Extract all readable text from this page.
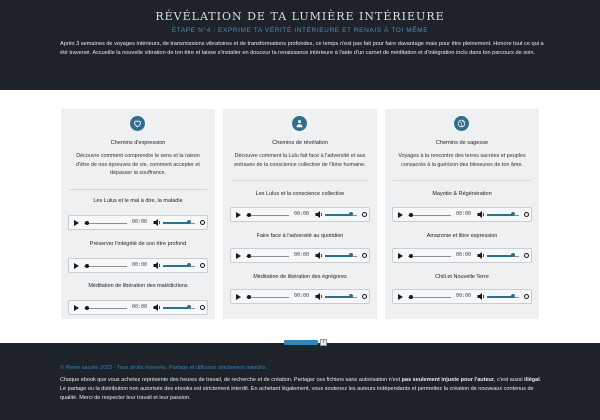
RÉVÉLATION DE TA LUMIÈRE INTÉRIEURE
ÉTAPE N°4 : EXPRIME TA VÉRITÉ INTÉRIEURE ET RENAIS À TOI MÊME
Après 3 semaines de voyages intérieurs, de transmissions vibratoires et de transformations profondes, ce temps n'est pas fait pour faire davantage mais pour être pleinement. Honore tout ce qui a été traversé. Accueille la nouvelle vibration de ton être et laisse s'installer en douceur ta renaissance intérieure à l'aide d'un carnet de méditation et d'intégration inclu dans ton parcours de soin.
Chemins d'expression
Découvre comment comprendre le sens et la raison d'être de nos épreuves de vie, comment accepter et dépasser la souffrance.
Les Lulus et le mal à dire, la maladie
00:00
Préserver l'intégrité de son être profond
00:00
Méditation de libération des malédictions
00:00
Chemins de révélation
Découvre comment la Lulu fait face à l'adversité et aux entraves de la conscience collective de l'âme humaine.
Les Lulus et la conscience collective
00:00
Faire face à l'adversité au quotidien
00:00
Méditation de libération des égrégores
00:00
Chemins de sagesse
Voyages à la rencontre des terres sacrées et peuples consacrés à la guérison des blessures de ton âme.
Mayotte & Régénération
00:00
Amazonie et libre expression
00:00
Chili et Nouvelle Terre
00:00
i
© Pierre sacrée 2023 - Tous droits réservés. Partage et diffusion strictement interdits.
Chaque ebook que vous achetez représente des heures de travail, de recherche et de création. Partager ces fichiers sans autorisation n'est pas seulement injuste pour l'auteur, c'est aussi illégal. Le partage ou la distribution non autorisée des ebooks est strictement interdit. En achetant légalement, vous soutenez les auteurs indépendants et permettez la création de nouveaux contenus de qualité. Merci de respecter leur travail et leur passion.
